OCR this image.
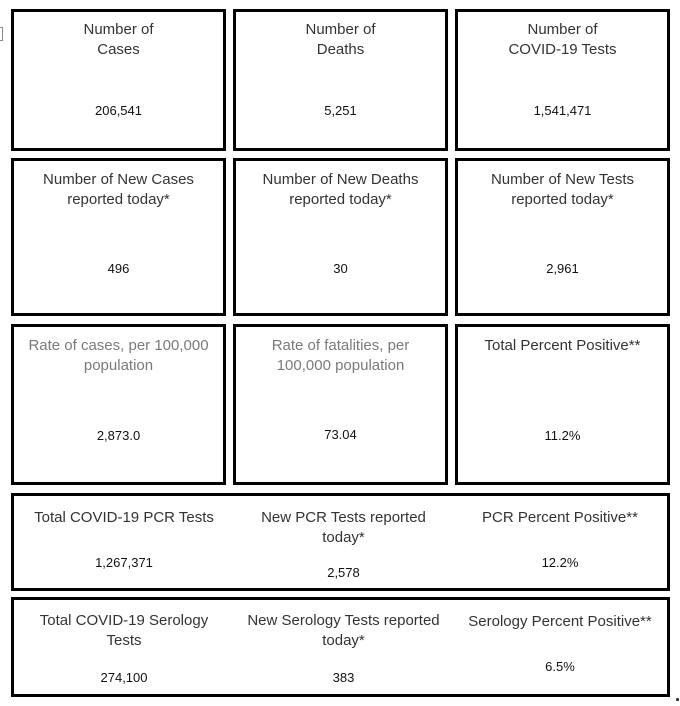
Number of
Cases
206,541
Number of
Deaths
5,251
Number of
COVID-19 Tests
1,541,471
Number of New Cases
reported today*
496
Number of New Deaths
reported today*
30
Number of New Tests
reported today*
2,961
Rate of cases, per 100,000
population
2,873.0
Rate of fatalities, per
100,000 population
73.04
Total Percent Positive**
11.2%
Total COVID-19 PCR Tests
1,267,371
New PCR Tests reported
today*
2,578
PCR Percent Positive**
12.2%
Total COVID-19 Serology
Tests
274,100
New Serology Tests reported
today*
383
Serology Percent Positive**
6.5%
